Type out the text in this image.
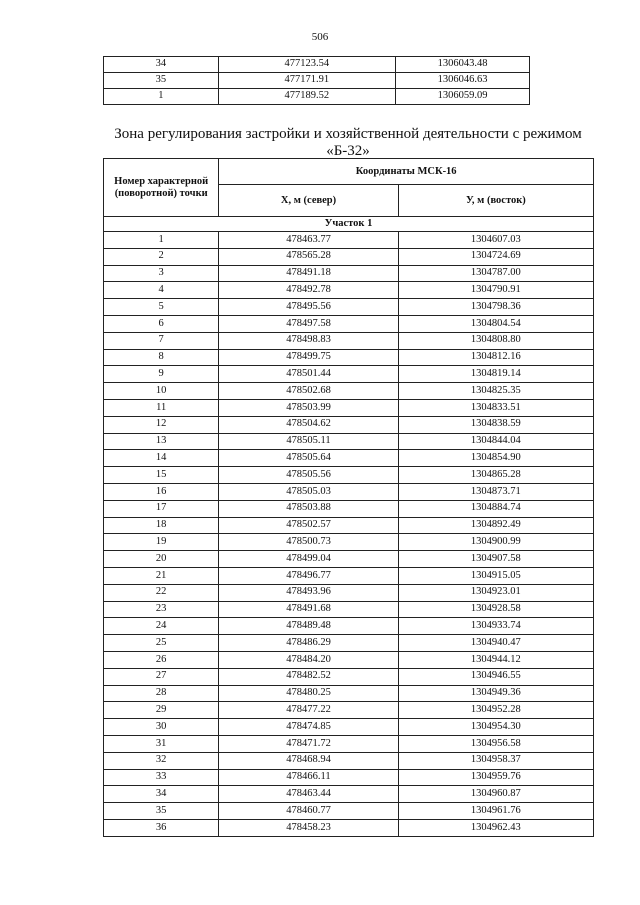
506
34	477123.54	1306043.48
35	477171.91	1306046.63
1	477189.52	1306059.09
Зона регулирования застройки и хозяйственной деятельности с режимом «Б-32»
Номер характерной (поворотной) точки	Координаты МСК-16	
	Х, м (север)	У, м (восток)
Участок 1		
1	478463.77	1304607.03
2	478565.28	1304724.69
3	478491.18	1304787.00
4	478492.78	1304790.91
5	478495.56	1304798.36
6	478497.58	1304804.54
7	478498.83	1304808.80
8	478499.75	1304812.16
9	478501.44	1304819.14
10	478502.68	1304825.35
11	478503.99	1304833.51
12	478504.62	1304838.59
13	478505.11	1304844.04
14	478505.64	1304854.90
15	478505.56	1304865.28
16	478505.03	1304873.71
17	478503.88	1304884.74
18	478502.57	1304892.49
19	478500.73	1304900.99
20	478499.04	1304907.58
21	478496.77	1304915.05
22	478493.96	1304923.01
23	478491.68	1304928.58
24	478489.48	1304933.74
25	478486.29	1304940.47
26	478484.20	1304944.12
27	478482.52	1304946.55
28	478480.25	1304949.36
29	478477.22	1304952.28
30	478474.85	1304954.30
31	478471.72	1304956.58
32	478468.94	1304958.37
33	478466.11	1304959.76
34	478463.44	1304960.87
35	478460.77	1304961.76
36	478458.23	1304962.43
